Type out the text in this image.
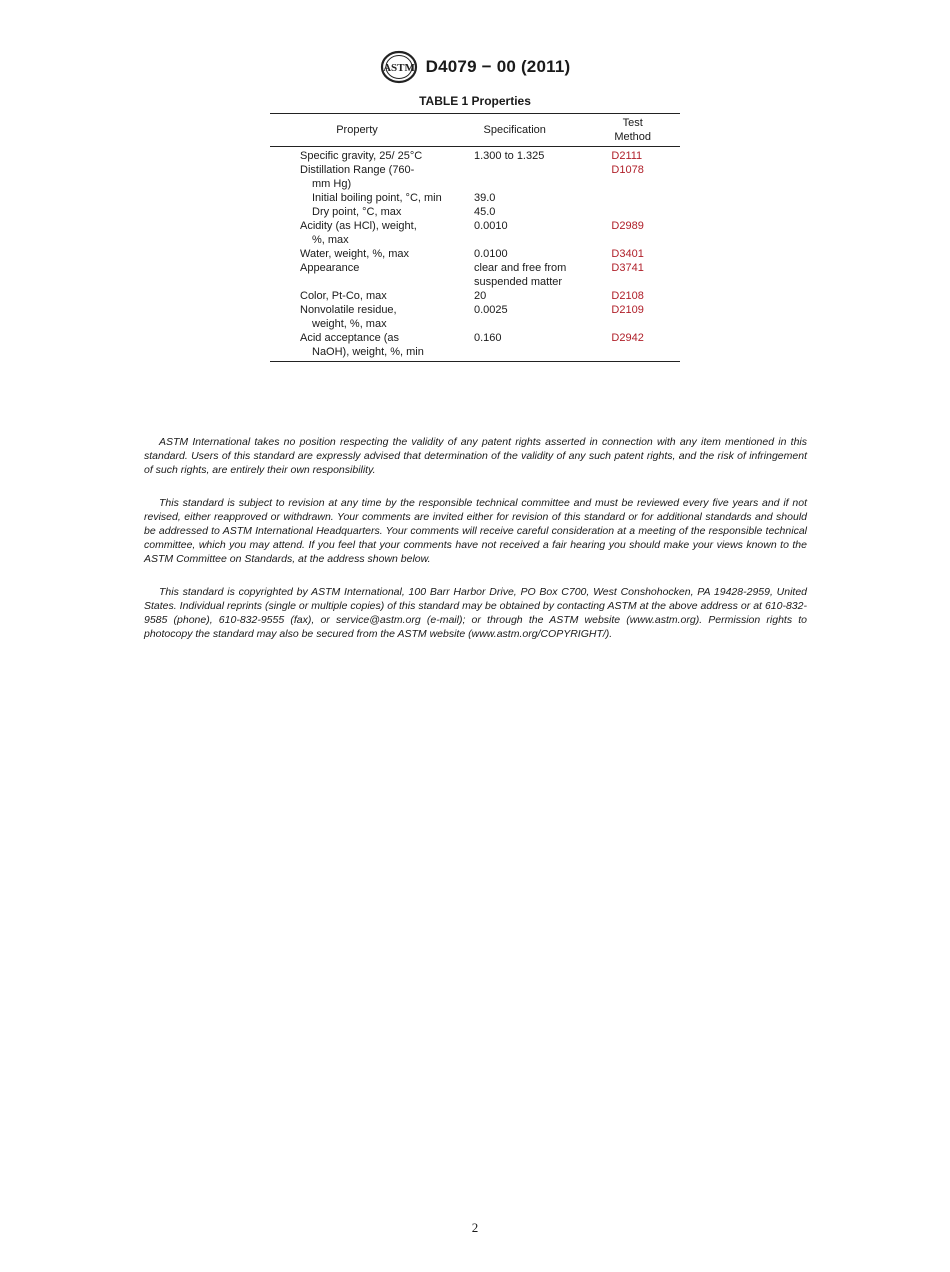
ASTM D4079 − 00 (2011)
TABLE 1 Properties
Property	Specification	Test
Method

Specific gravity, 25/ 25°C	1.300 to 1.325	D2111

Distillation Range (760- mm Hg)		D1078

Initial boiling point, °C, min	39.0	

Dry point, °C, max	45.0	

Acidity (as HCl), weight, %, max	0.0010	D2989

Water, weight, %, max	0.0100	D3401

Appearance	clear and free from suspended matter	D3741

Color, Pt-Co, max	20	D2108

Nonvolatile residue, weight, %, max	0.0025	D2109

Acid acceptance (as NaOH), weight, %, min	0.160	D2942

ASTM International takes no position respecting the validity of any patent rights asserted in connection with any item mentioned in this standard. Users of this standard are expressly advised that determination of the validity of any such patent rights, and the risk of infringement of such rights, are entirely their own responsibility.

This standard is subject to revision at any time by the responsible technical committee and must be reviewed every five years and if not revised, either reapproved or withdrawn. Your comments are invited either for revision of this standard or for additional standards and should be addressed to ASTM International Headquarters. Your comments will receive careful consideration at a meeting of the responsible technical committee, which you may attend. If you feel that your comments have not received a fair hearing you should make your views known to the ASTM Committee on Standards, at the address shown below.

This standard is copyrighted by ASTM International, 100 Barr Harbor Drive, PO Box C700, West Conshohocken, PA 19428-2959, United States. Individual reprints (single or multiple copies) of this standard may be obtained by contacting ASTM at the above address or at 610-832-9585 (phone), 610-832-9555 (fax), or service@astm.org (e-mail); or through the ASTM website (www.astm.org). Permission rights to photocopy the standard may also be secured from the ASTM website (www.astm.org/COPYRIGHT/).

2
